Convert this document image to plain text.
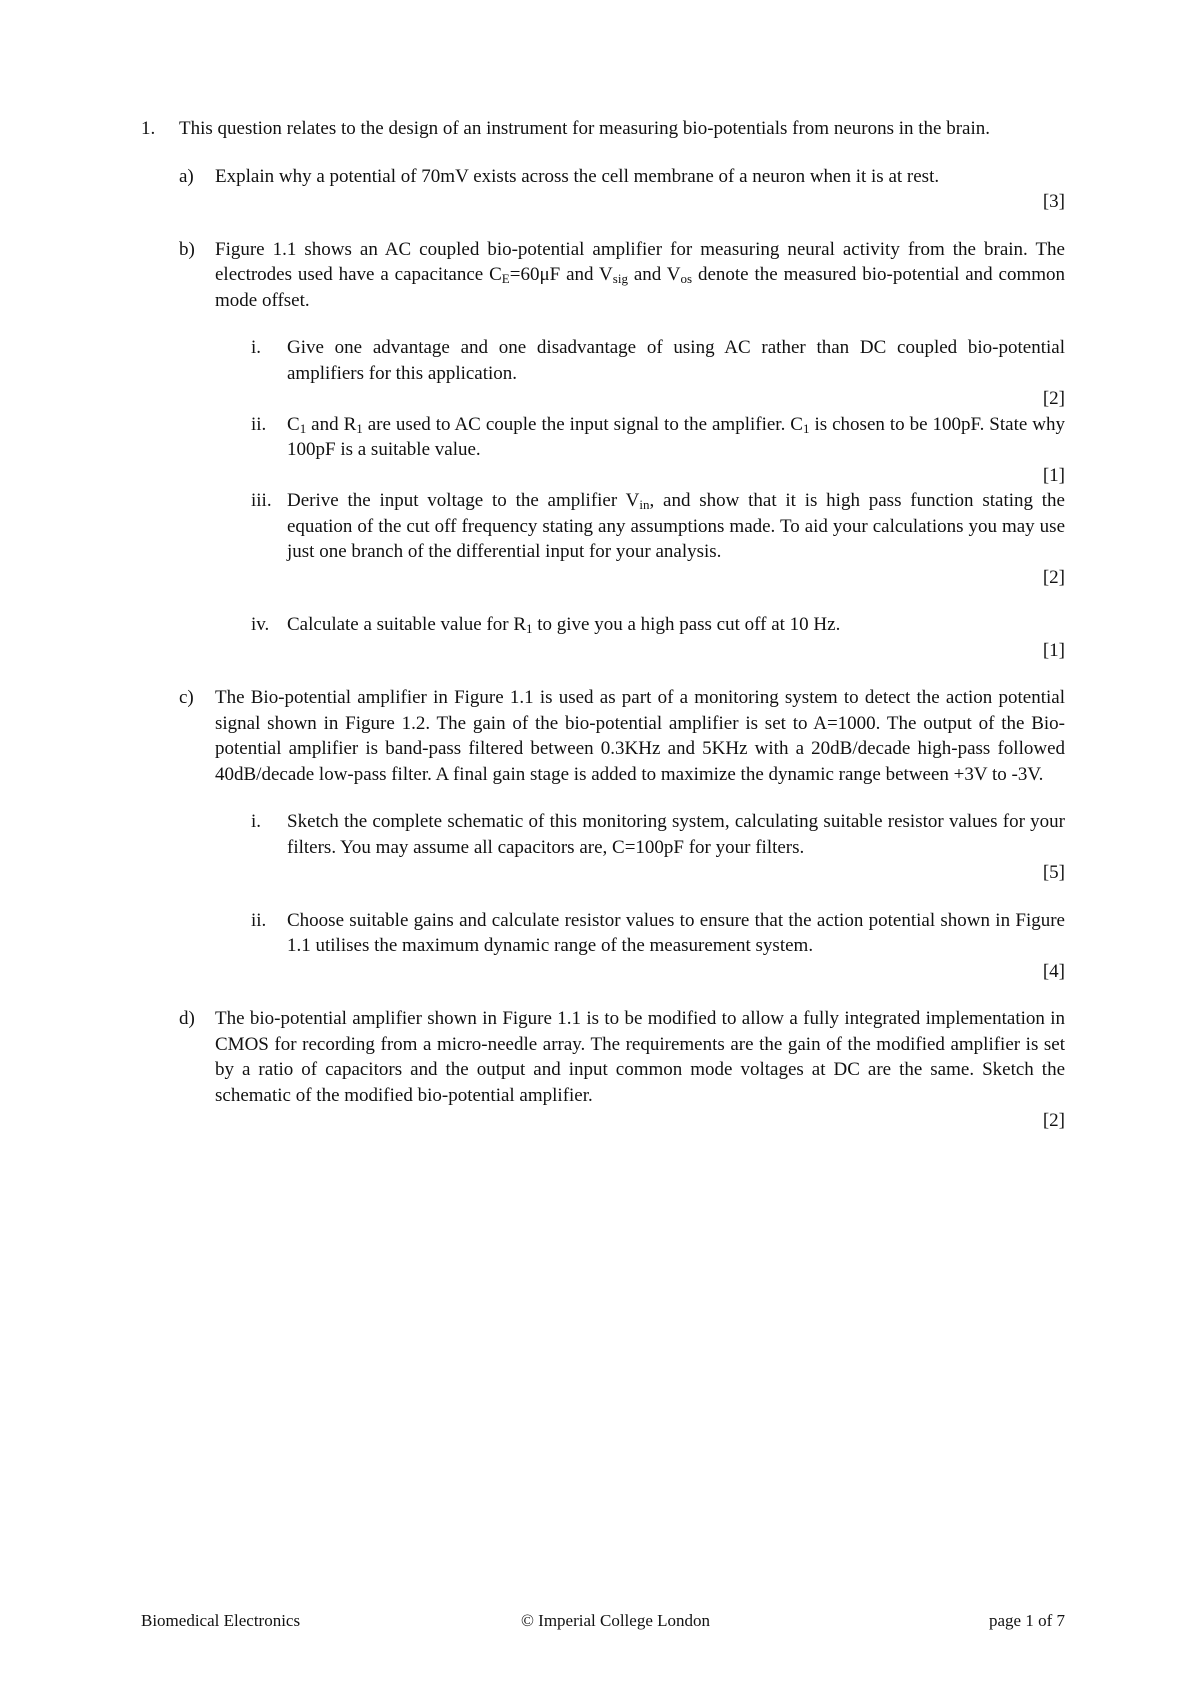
1.	This question relates to the design of an instrument for measuring bio-potentials from neurons in the brain.
a)	Explain why a potential of 70mV exists across the cell membrane of a neuron when it is at rest.
[3]
b)	Figure 1.1 shows an AC coupled bio-potential amplifier for measuring neural activity from the brain. The electrodes used have a capacitance $C_E=60\mu F$ and $V_{sig}$ and $V_{os}$ denote the measured bio-potential and common mode offset.
i.	Give one advantage and one disadvantage of using AC rather than DC coupled bio-potential amplifiers for this application.
[2]
ii.	$C_1$ and $R_1$ are used to AC couple the input signal to the amplifier. $C_1$ is chosen to be 100pF. State why 100pF is a suitable value.
[1]
iii. Derive the input voltage to the amplifier $V_{in}$, and show that it is high pass function stating the equation of the cut off frequency stating any assumptions made. To aid your calculations you may use just one branch of the differential input for your analysis.
[2]
iv. Calculate a suitable value for $R_1$ to give you a high pass cut off at 10 Hz.
[1]
c)	The Bio-potential amplifier in Figure 1.1 is used as part of a monitoring system to detect the action potential signal shown in Figure 1.2. The gain of the bio-potential amplifier is set to A=1000. The output of the Bio-potential amplifier is band-pass filtered between 0.3KHz and 5KHz with a 20dB/decade high-pass followed 40dB/decade low-pass filter. A final gain stage is added to maximize the dynamic range between +3V to -3V.
i.	Sketch the complete schematic of this monitoring system, calculating suitable resistor values for your filters. You may assume all capacitors are, C=100pF for your filters.
[5]
ii.	Choose suitable gains and calculate resistor values to ensure that the action potential shown in Figure 1.1 utilises the maximum dynamic range of the measurement system.
[4]
d)	The bio-potential amplifier shown in Figure 1.1 is to be modified to allow a fully integrated implementation in CMOS for recording from a micro-needle array. The requirements are the gain of the modified amplifier is set by a ratio of capacitors and the output and input common mode voltages at DC are the same. Sketch the schematic of the modified bio-potential amplifier.
[2]
Biomedical Electronics	© Imperial College London	page 1 of 7
